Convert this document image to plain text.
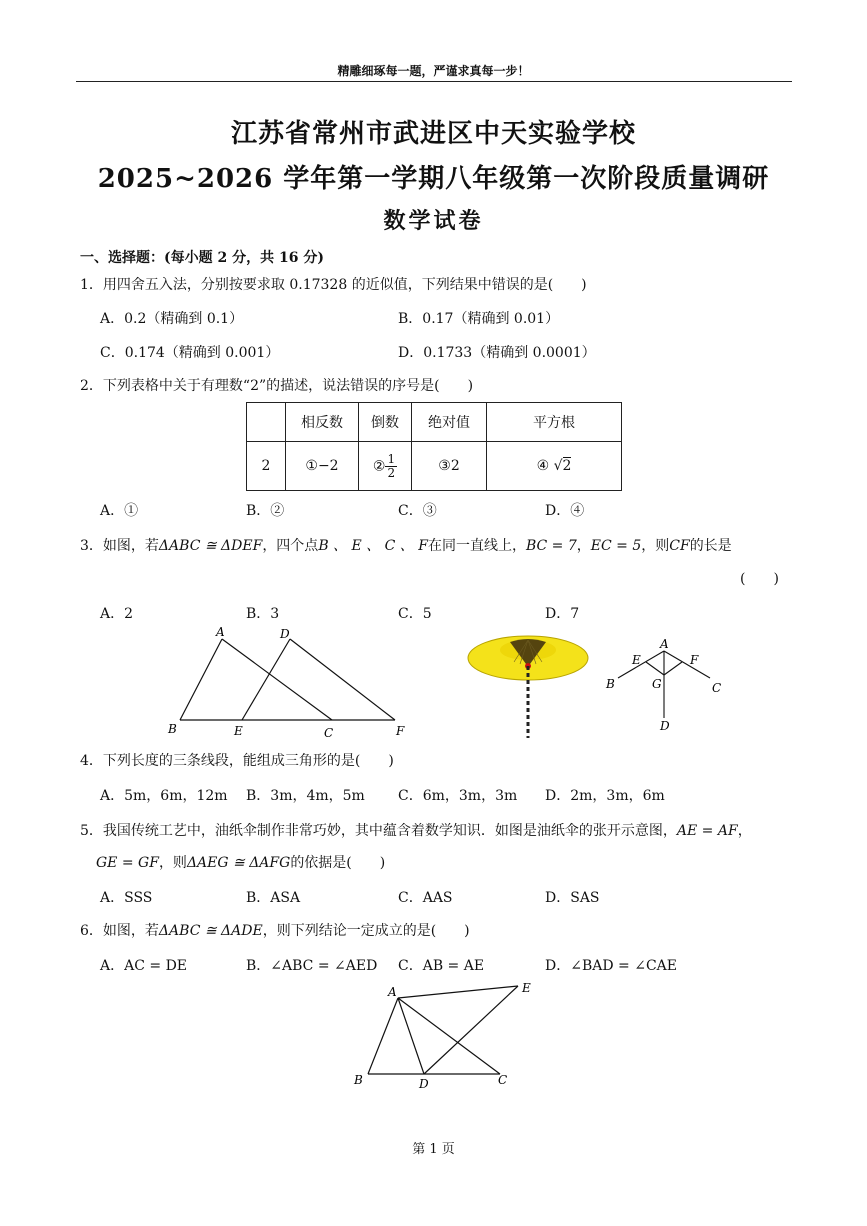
精雕细琢每一题，严谨求真每一步！
江苏省常州市武进区中天实验学校
2025~2026 学年第一学期八年级第一次阶段质量调研
数学试卷
一、选择题：(每小题 2 分，共 16 分)
1．用四舍五入法，分别按要求取 0.17328 的近似值，下列结果中错误的是(　　)
A．0.2（精确到 0.1）	B．0.17（精确到 0.01）
C．0.174（精确到 0.001）	D．0.1733（精确到 0.0001）
2．下列表格中关于有理数“2”的描述，说法错误的序号是(　　)
	相反数	倒数	绝对值	平方根
2	①−2	② $\frac{1}{2}$	③2	④ √2
A．①	B．②	C．③	D．④
3．如图，若ΔABC ≅ ΔDEF，四个点B 、 E 、 C 、 F在同一直线上，BC = 7，EC = 5，则CF的长是
(　　)
A．2	B．3	C．5	D．7
A	D
B	E	C	F
A
E	F
B	G	C
D
4．下列长度的三条线段，能组成三角形的是(　　)
A．5m，6m，12m B．3m，4m，5m C．6m，3m，3m D．2m，3m，6m
5．我国传统工艺中，油纸伞制作非常巧妙，其中蕴含着数学知识．如图是油纸伞的张开示意图，AE = AF，
GE = GF，则ΔAEG ≅ ΔAFG的依据是(　　)
A．SSS	B．ASA	C．AAS	D．SAS
6．如图，若ΔABC ≅ ΔADE，则下列结论一定成立的是(　　)
A．AC = DE	B．∠ABC = ∠AED C．AB = AE	D．∠BAD = ∠CAE
A	E
B	D	C
第 1 页
